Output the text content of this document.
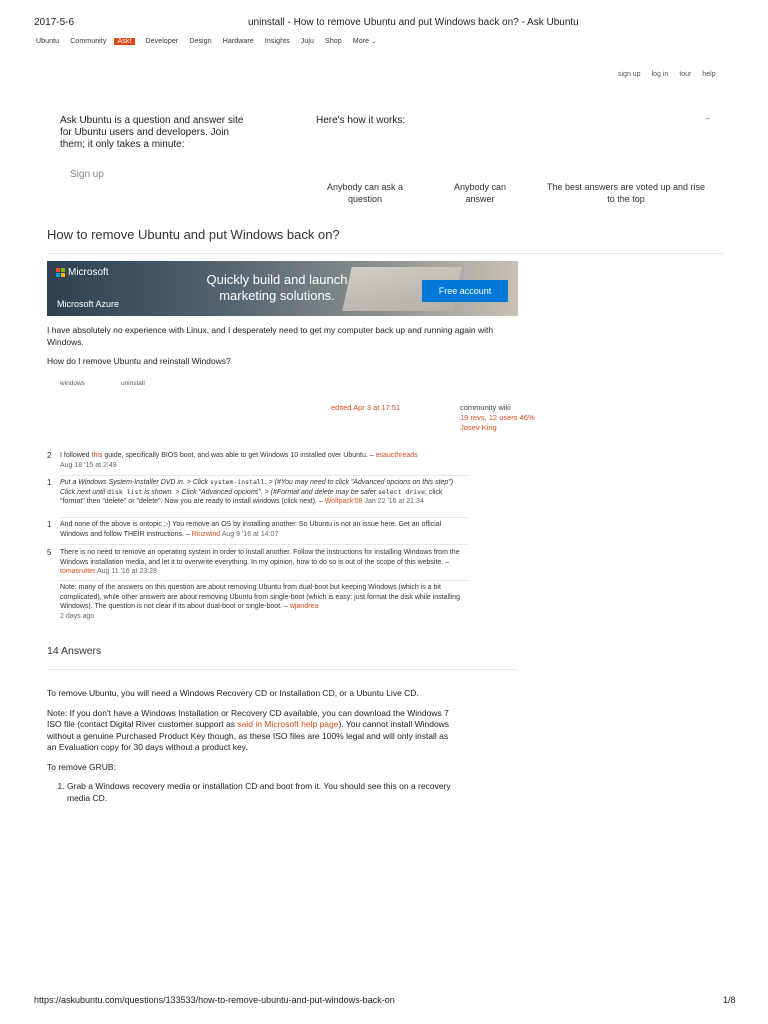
2017-5-6	uninstall - How to remove Ubuntu and put Windows back on? - Ask Ubuntu
Ubuntu Community	Ask!	Developer Design Hardware Insights Juju Shop More ⌄
sign up log in tour help
Ask Ubuntu is a question and answer site for Ubuntu users and developers. Join them; it only takes a minute:
Sign up
Here's how it works:	–
Anybody can ask a question
Anybody can answer
The best answers are voted up and rise to the top
How to remove Ubuntu and put Windows back on?
Microsoft
Microsoft Azure
Quickly build and launch marketing solutions.	Free account

I have absolutely no experience with Linux, and I desperately need to get my computer back up and running again with Windows.

How do I remove Ubuntu and reinstall Windows?

windows	uninstall
edited Apr 3 at 17:51	community wiki
19 revs, 12 users 46%
Josev King
2 I followed this guide, specifically BIOS boot, and was able to get Windows 10 installed over Ubuntu. – esaucthreads
Aug 18 '15 at 2:49
1 Put a Windows System-Installer DVD in. > Click system-install. > (#You may need to click "Advanced opcions on this step") Click next until disk list is shown. > Click "Advanced opcions". > (#Format and delete may be safer select drive; click "format" then "delete" or "delete". Now you are ready to install windows (click next). – Wolfpack'08 Jan 22 '16 at 21:34
1 And none of the above is ontopic ;-) You remove an OS by installing another. So Ubuntu is not an issue here. Get an official Windows and follow THEIR instructions. – Rinzwind Aug 9 '16 at 14:07
5 There is no need to remove an operating system in order to install another. Follow the instructions for installing Windows from the Windows installation media, and let it to overwrite everything. In my opinion, how to do so is out of the scope of this website. – tomasrutter Aug 11 '16 at 23:28
Note: many of the answers on this question are about removing Ubuntu from dual-boot but keeping Windows (which is a bit complicated), while other answers are about removing Ubuntu from single-boot (which is easy: just format the disk while installing Windows). The question is not clear if its about dual-boot or single-boot. – wjandrea
2 days ago
14 Answers

To remove Ubuntu, you will need a Windows Recovery CD or Installation CD, or a Ubuntu Live CD.

Note: If you don't have a Windows Installation or Recovery CD available, you can download the Windows 7 ISO file (contact Digital River customer support as said in Microsoft help page). You cannot install Windows without a genuine Purchased Product Key though, as these ISO files are 100% legal and will only install as an Evaluation copy for 30 days without a product key.

To remove GRUB:

1. Grab a Windows recovery media or installation CD and boot from it. You should see this on a recovery media CD.
https://askubuntu.com/questions/133533/how-to-remove-ubuntu-and-put-windows-back-on	1/8
